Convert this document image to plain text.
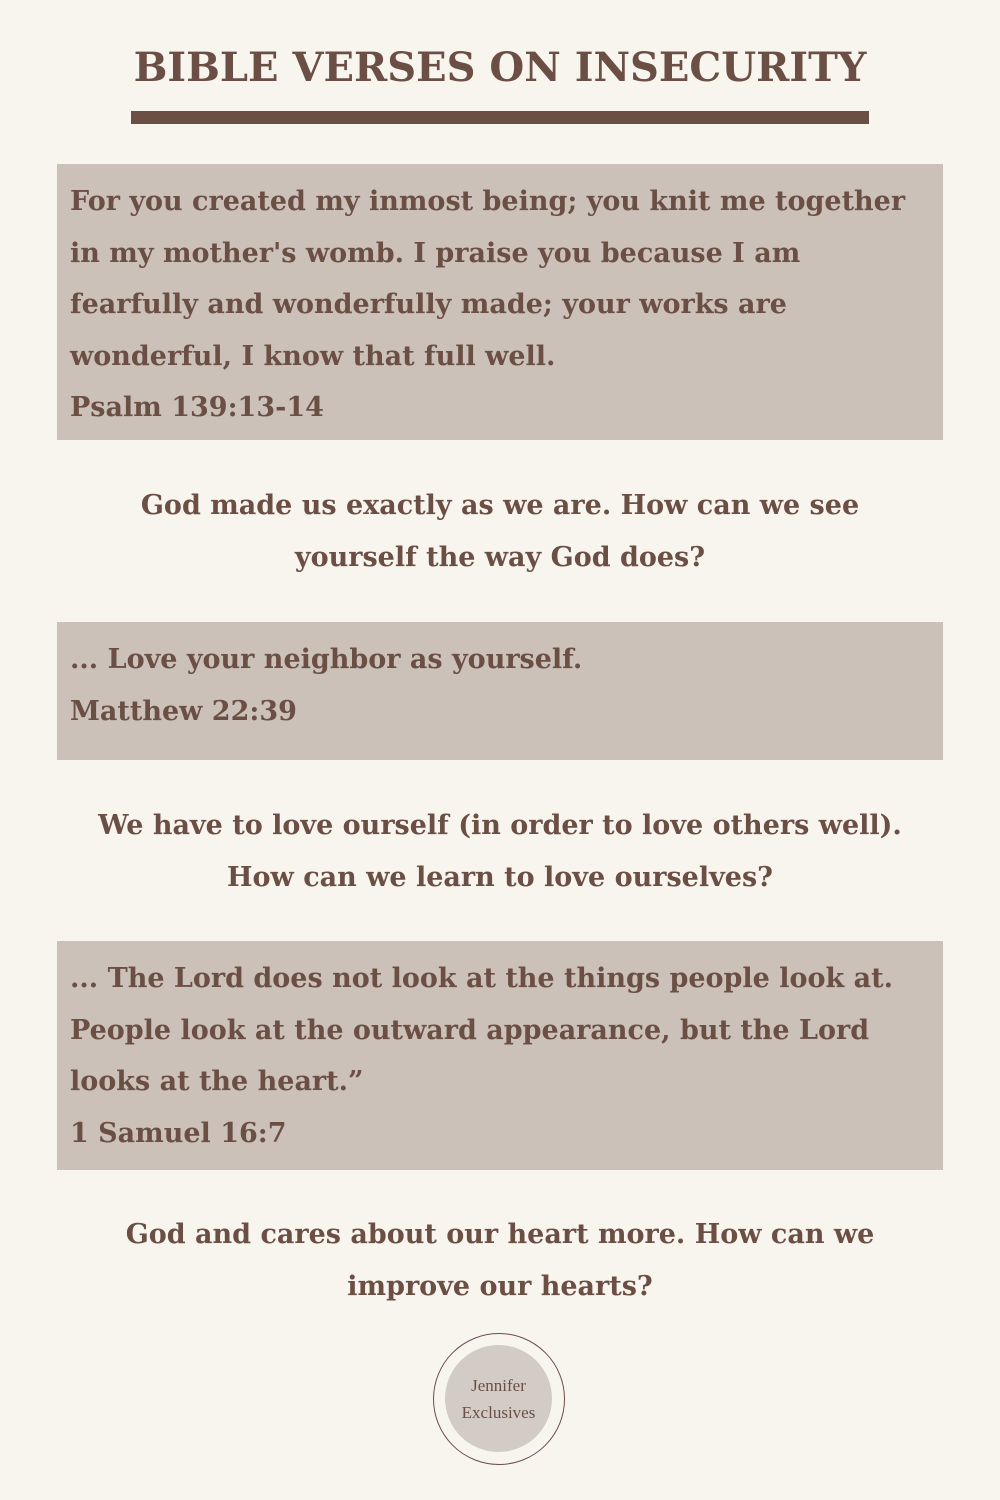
BIBLE VERSES ON INSECURITY
For you created my inmost being; you knit me together
in my mother's womb. I praise you because I am
fearfully and wonderfully made; your works are
wonderful, I know that full well.
Psalm 139:13-14
God made us exactly as we are. How can we see
yourself the way God does?
... Love your neighbor as yourself.
Matthew 22:39
We have to love ourself (in order to love others well).
How can we learn to love ourselves?
... The Lord does not look at the things people look at.
People look at the outward appearance, but the Lord
looks at the heart.”
1 Samuel 16:7
God and cares about our heart more. How can we
improve our hearts?
Jennifer
Exclusives
